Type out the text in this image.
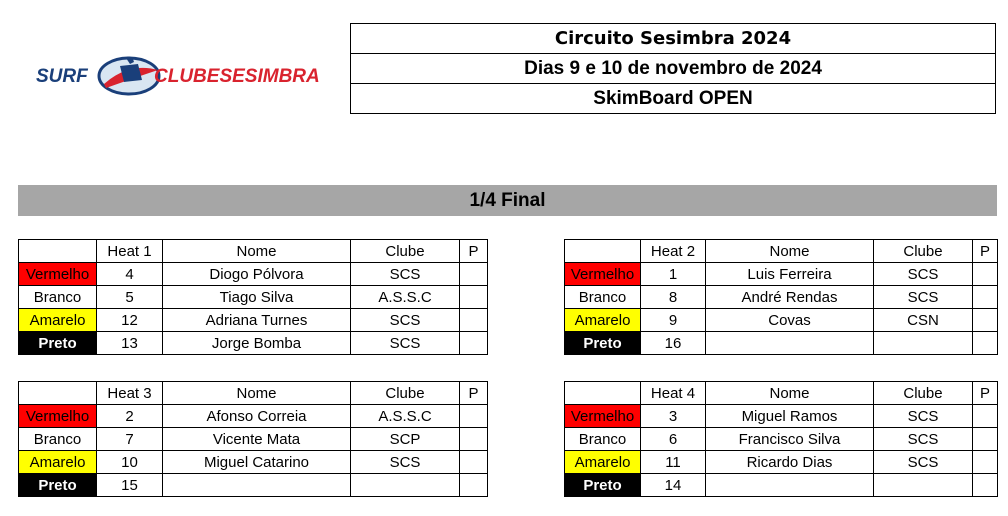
SURF	CLUBESESIMBRA
Circuito Sesimbra 2024
Dias 9 e 10 de novembro de 2024
SkimBoard OPEN
1/4 Final
	Heat 1	Nome	Clube	P
Vermelho	4	Diogo Pólvora	SCS	
Branco	5	Tiago Silva	A.S.S.C	
Amarelo	12	Adriana Turnes	SCS	
Preto	13	Jorge Bomba	SCS	
	Heat 2	Nome	Clube	P
Vermelho	1	Luis Ferreira	SCS	
Branco	8	André Rendas	SCS	
Amarelo	9	Covas	CSN	
Preto	16			
	Heat 3	Nome	Clube	P
Vermelho	2	Afonso Correia	A.S.S.C	
Branco	7	Vicente Mata	SCP	
Amarelo	10	Miguel Catarino	SCS	
Preto	15			
	Heat 4	Nome	Clube	P
Vermelho	3	Miguel Ramos	SCS	
Branco	6	Francisco Silva	SCS	
Amarelo	11	Ricardo Dias	SCS	
Preto	14			
